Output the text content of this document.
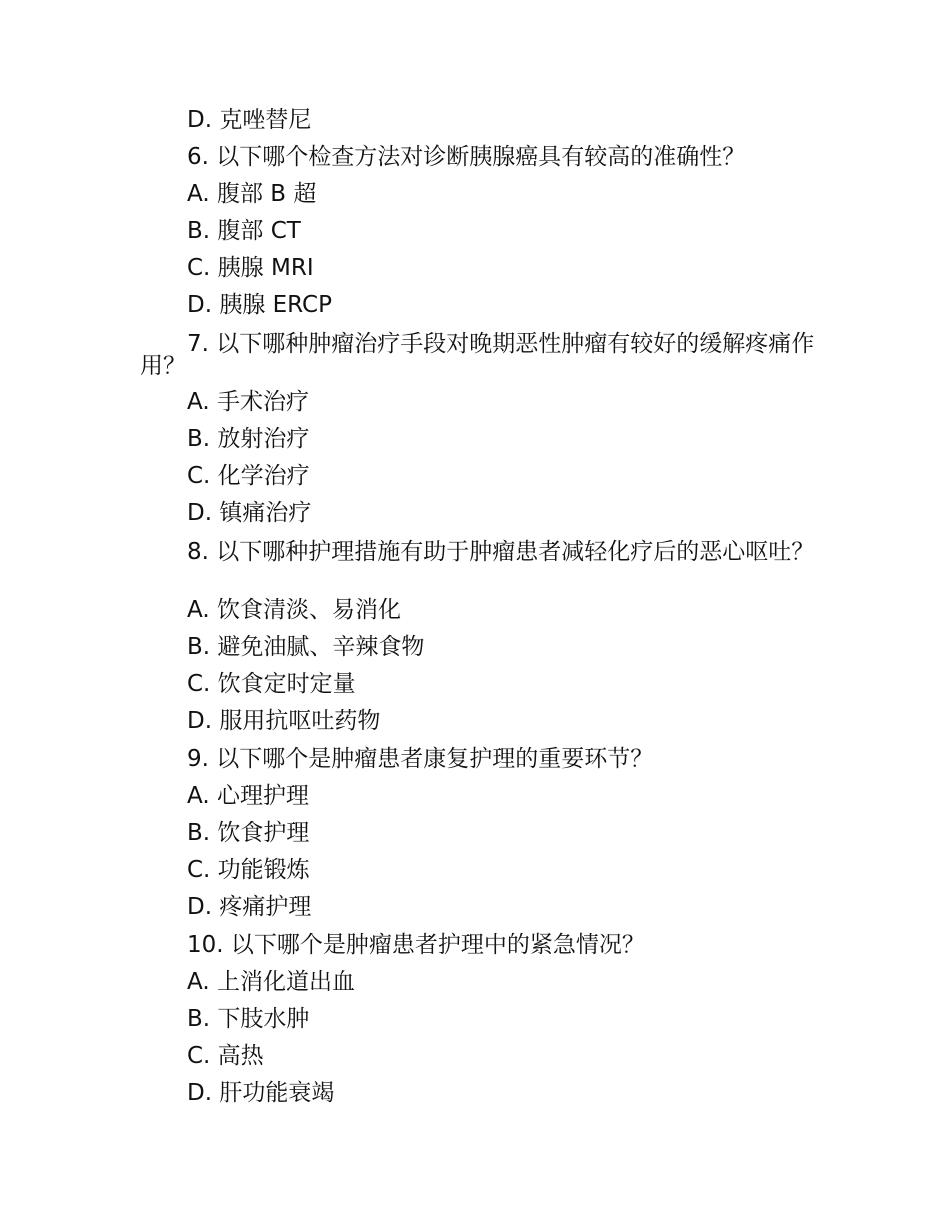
D. 克唑替尼
6. 以下哪个检查方法对诊断胰腺癌具有较高的准确性？
A. 腹部 B 超
B. 腹部 CT
C. 胰腺 MRI
D. 胰腺 ERCP
7. 以下哪种肿瘤治疗手段对晚期恶性肿瘤有较好的缓解疼痛作用？
A. 手术治疗
B. 放射治疗
C. 化学治疗
D. 镇痛治疗
8. 以下哪种护理措施有助于肿瘤患者减轻化疗后的恶心呕吐？
A. 饮食清淡、易消化
B. 避免油腻、辛辣食物
C. 饮食定时定量
D. 服用抗呕吐药物
9. 以下哪个是肿瘤患者康复护理的重要环节？
A. 心理护理
B. 饮食护理
C. 功能锻炼
D. 疼痛护理
10. 以下哪个是肿瘤患者护理中的紧急情况？
A. 上消化道出血
B. 下肢水肿
C. 高热
D. 肝功能衰竭
